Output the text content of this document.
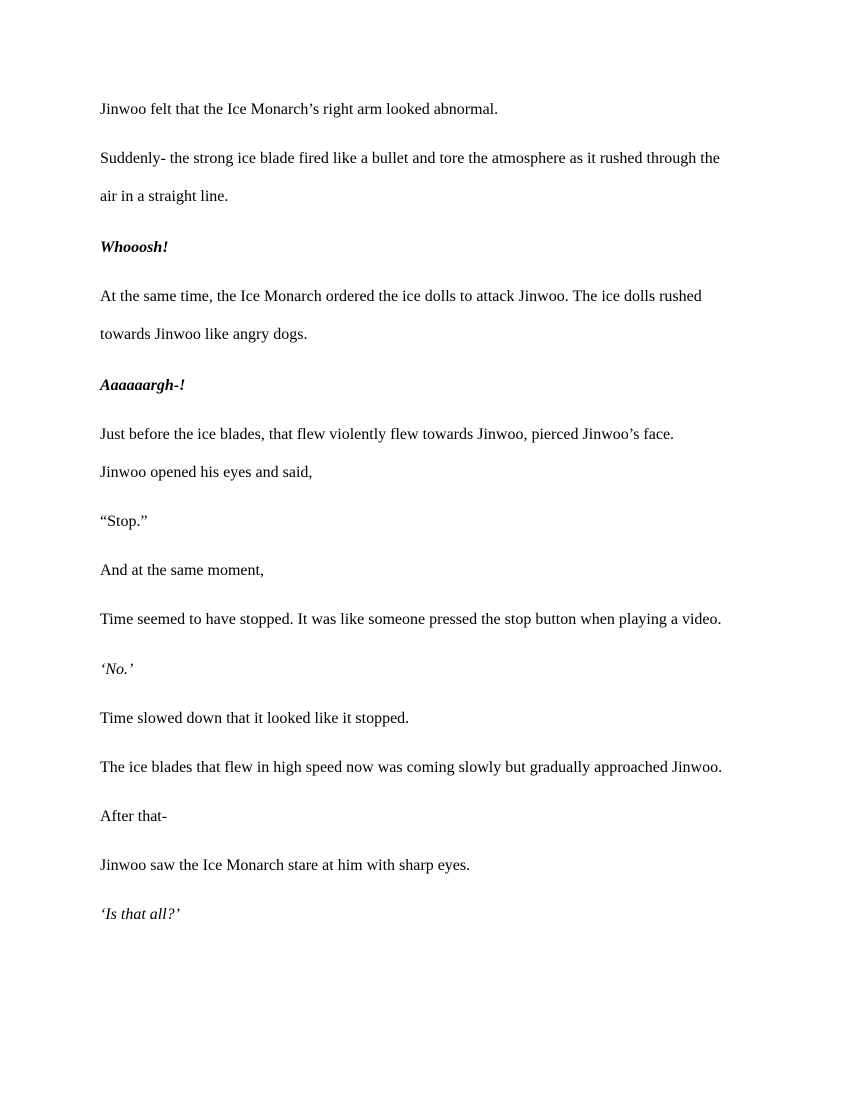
Jinwoo felt that the Ice Monarch’s right arm looked abnormal.

Suddenly- the strong ice blade fired like a bullet and tore the atmosphere as it rushed through the

air in a straight line.

Whooosh!

At the same time, the Ice Monarch ordered the ice dolls to attack Jinwoo. The ice dolls rushed

towards Jinwoo like angry dogs.

Aaaaaargh-!

Just before the ice blades, that flew violently flew towards Jinwoo, pierced Jinwoo’s face.

Jinwoo opened his eyes and said,

“Stop.”

And at the same moment,

Time seemed to have stopped. It was like someone pressed the stop button when playing a video.

‘No.’

Time slowed down that it looked like it stopped.

The ice blades that flew in high speed now was coming slowly but gradually approached Jinwoo.

After that-

Jinwoo saw the Ice Monarch stare at him with sharp eyes.

‘Is that all?’
